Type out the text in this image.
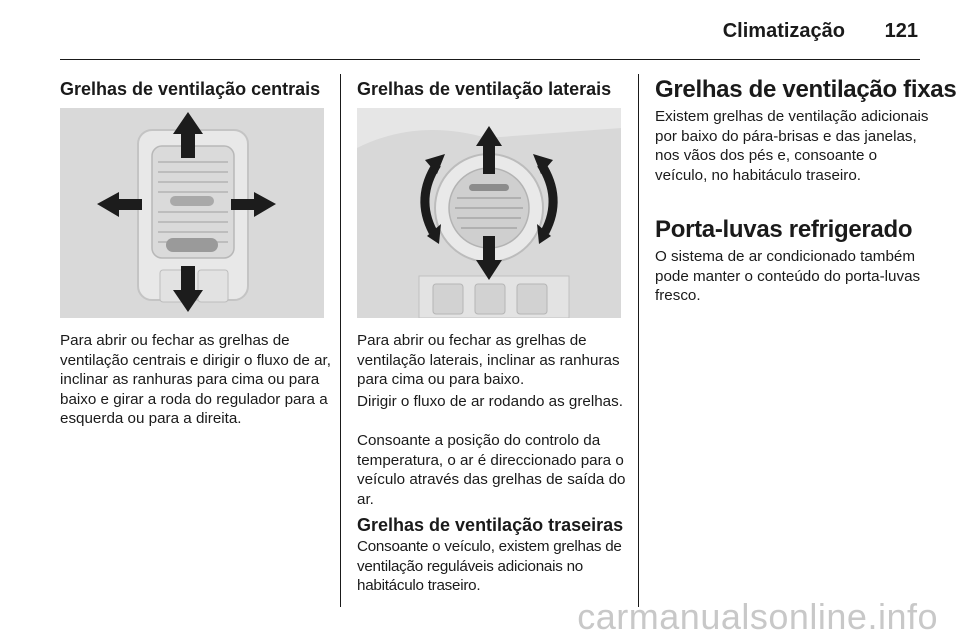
Climatização	121
Grelhas de ventilação centrais

Para abrir ou fechar as grelhas de ventilação centrais e dirigir o fluxo de ar, inclinar as ranhuras para cima ou para baixo e girar a roda do regulador para a esquerda ou para a direita.

Grelhas de ventilação laterais

Para abrir ou fechar as grelhas de ventilação laterais, inclinar as ranhuras para cima ou para baixo.

Dirigir o fluxo de ar rodando as grelhas.

Consoante a posição do controlo da temperatura, o ar é direccionado para o veículo através das grelhas de saída do ar.

Grelhas de ventilação traseiras

Consoante o veículo, existem grelhas de ventilação reguláveis adicionais no habitáculo traseiro.

Grelhas de ventilação fixas

Existem grelhas de ventilação adicionais por baixo do pára-brisas e das janelas, nos vãos dos pés e, consoante o veículo, no habitáculo traseiro.

Porta-luvas refrigerado

O sistema de ar condicionado também pode manter o conteúdo do porta-luvas fresco.

carmanualsonline.info
